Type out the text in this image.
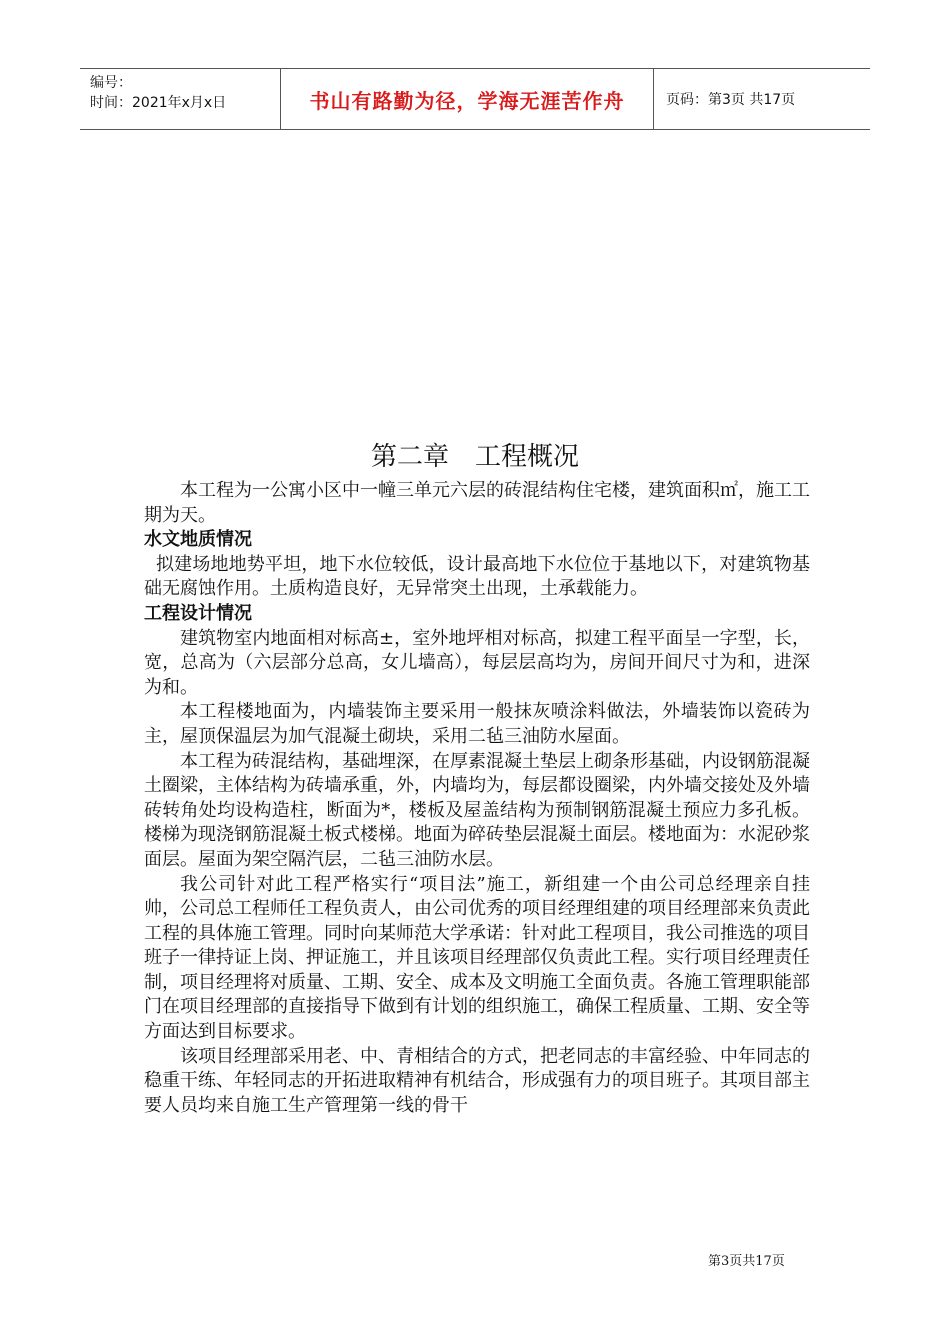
编号：
时间：2021年x月x日	书山有路勤为径，学海无涯苦作舟	页码：第3页 共17页
第二章　工程概况

本工程为一公寓小区中一幢三单元六层的砖混结构住宅楼，建筑面积㎡，施工工期为天。

水文地质情况

拟建场地地势平坦，地下水位较低，设计最高地下水位位于基地以下，对建筑物基础无腐蚀作用。土质构造良好，无异常突土出现，土承载能力。

工程设计情况

建筑物室内地面相对标高±，室外地坪相对标高，拟建工程平面呈一字型，长，宽，总高为（六层部分总高，女儿墙高），每层层高均为，房间开间尺寸为和，进深为和。

本工程楼地面为，内墙装饰主要采用一般抹灰喷涂料做法，外墙装饰以瓷砖为主，屋顶保温层为加气混凝土砌块，采用二毡三油防水屋面。

本工程为砖混结构，基础埋深，在厚素混凝土垫层上砌条形基础，内设钢筋混凝土圈梁，主体结构为砖墙承重，外，内墙均为，每层都设圈梁，内外墙交接处及外墙砖转角处均设构造柱，断面为*，楼板及屋盖结构为预制钢筋混凝土预应力多孔板。楼梯为现浇钢筋混凝土板式楼梯。地面为碎砖垫层混凝土面层。楼地面为：水泥砂浆面层。屋面为架空隔汽层，二毡三油防水层。

我公司针对此工程严格实行“项目法”施工，新组建一个由公司总经理亲自挂帅，公司总工程师任工程负责人，由公司优秀的项目经理组建的项目经理部来负责此工程的具体施工管理。同时向某师范大学承诺：针对此工程项目，我公司推选的项目班子一律持证上岗、押证施工，并且该项目经理部仅负责此工程。实行项目经理责任制，项目经理将对质量、工期、安全、成本及文明施工全面负责。各施工管理职能部门在项目经理部的直接指导下做到有计划的组织施工，确保工程质量、工期、安全等方面达到目标要求。

该项目经理部采用老、中、青相结合的方式，把老同志的丰富经验、中年同志的稳重干练、年轻同志的开拓进取精神有机结合，形成强有力的项目班子。其项目部主要人员均来自施工生产管理第一线的骨干

第3页共17页
